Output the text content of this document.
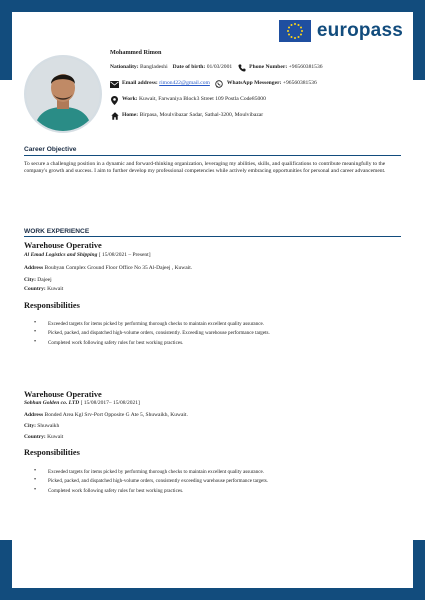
europass
Mohammed Rimon
Nationality:
Bangladeshi Date of birth:
01/03/2001	Phone Number:
+96560381536
Email address:
rimon422@gmail.com	WhatsApp Messenger:
+96560381536
Work:
Kuwait, Farwaniya Block3 Street 109 Postla Code85000
Home:
Birpasa, Moulvibazar Sadar, Sathal-3200, Moulvibazar
Career Objective
To secure a challenging position in a dynamic and forward-thinking organization, leveraging my abilities, skills, and qualifications to contribute meaningfully to the company's growth and success. I aim to further develop my professional competencies while actively embracing opportunities for personal and career advancement.
WORK EXPERIENCE
Warehouse Operative
Al Emad Logistics and Shipping [ 15/08/2021 – Present]
Address Boubyan Complex Ground Floor Office No 35 Al-Dajeej , Kuwait.
City: Dajeej
Country: Kuwait
Responsibilities
• Exceeded targets for items picked by performing thorough checks to maintain excellent quality assurance.
• Picked, packed, and dispatched high-volume orders, consistently. Exceeding warehouse performance targets.
• Completed work following safety rules for best working practices.
Warehouse Operative
Sobhan Golden co. LTD [ 15/08/2017– 15/08/2021]
Address Bonded Area Kgl Srv-Port Opposite G Ate 5, Shuwaikh, Kuwait.
City: Shuwaikh
Country: Kuwait
Responsibilities
• Exceeded targets for items picked by performing thorough checks to maintain excellent quality assurance.
• Picked, packed, and dispatched high-volume orders, consistently exceeding warehouse performance targets.
• Completed work following safety rules for best working practices.
